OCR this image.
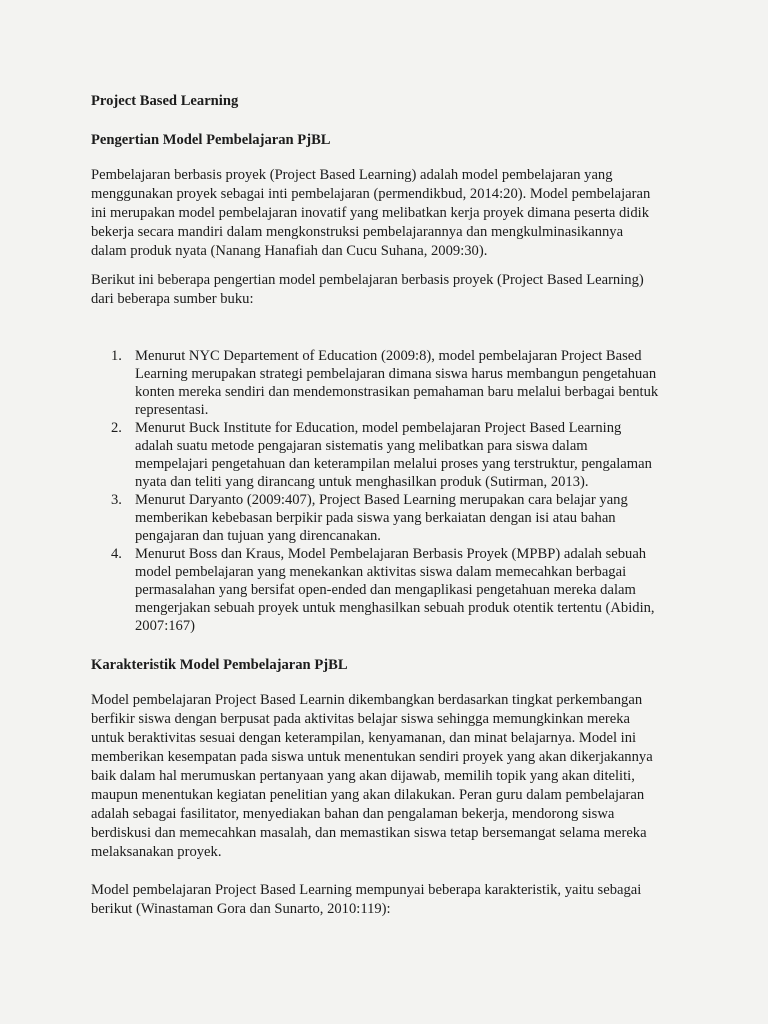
Project Based Learning

Pengertian Model Pembelajaran PjBL

Pembelajaran berbasis proyek (Project Based Learning) adalah model pembelajaran yang
menggunakan proyek sebagai inti pembelajaran (permendikbud, 2014:20). Model pembelajaran
ini merupakan model pembelajaran inovatif yang melibatkan kerja proyek dimana peserta didik
bekerja secara mandiri dalam mengkonstruksi pembelajarannya dan mengkulminasikannya
dalam produk nyata (Nanang Hanafiah dan Cucu Suhana, 2009:30).
Berikut ini beberapa pengertian model pembelajaran berbasis proyek (Project Based Learning)
dari beberapa sumber buku:
1. Menurut NYC Departement of Education (2009:8), model pembelajaran Project Based
Learning merupakan strategi pembelajaran dimana siswa harus membangun pengetahuan
konten mereka sendiri dan mendemonstrasikan pemahaman baru melalui berbagai bentuk
representasi.
2. Menurut Buck Institute for Education, model pembelajaran Project Based Learning
adalah suatu metode pengajaran sistematis yang melibatkan para siswa dalam
mempelajari pengetahuan dan keterampilan melalui proses yang terstruktur, pengalaman
nyata dan teliti yang dirancang untuk menghasilkan produk (Sutirman, 2013).
3. Menurut Daryanto (2009:407), Project Based Learning merupakan cara belajar yang
memberikan kebebasan berpikir pada siswa yang berkaiatan dengan isi atau bahan
pengajaran dan tujuan yang direncanakan.
4. Menurut Boss dan Kraus, Model Pembelajaran Berbasis Proyek (MPBP) adalah sebuah
model pembelajaran yang menekankan aktivitas siswa dalam memecahkan berbagai
permasalahan yang bersifat open-ended dan mengaplikasi pengetahuan mereka dalam
mengerjakan sebuah proyek untuk menghasilkan sebuah produk otentik tertentu (Abidin,
2007:167)

Karakteristik Model Pembelajaran PjBL

Model pembelajaran Project Based Learnin dikembangkan berdasarkan tingkat perkembangan
berfikir siswa dengan berpusat pada aktivitas belajar siswa sehingga memungkinkan mereka
untuk beraktivitas sesuai dengan keterampilan, kenyamanan, dan minat belajarnya. Model ini
memberikan kesempatan pada siswa untuk menentukan sendiri proyek yang akan dikerjakannya
baik dalam hal merumuskan pertanyaan yang akan dijawab, memilih topik yang akan diteliti,
maupun menentukan kegiatan penelitian yang akan dilakukan. Peran guru dalam pembelajaran
adalah sebagai fasilitator, menyediakan bahan dan pengalaman bekerja, mendorong siswa
berdiskusi dan memecahkan masalah, dan memastikan siswa tetap bersemangat selama mereka
melaksanakan proyek.
Model pembelajaran Project Based Learning mempunyai beberapa karakteristik, yaitu sebagai
berikut (Winastaman Gora dan Sunarto, 2010:119):
